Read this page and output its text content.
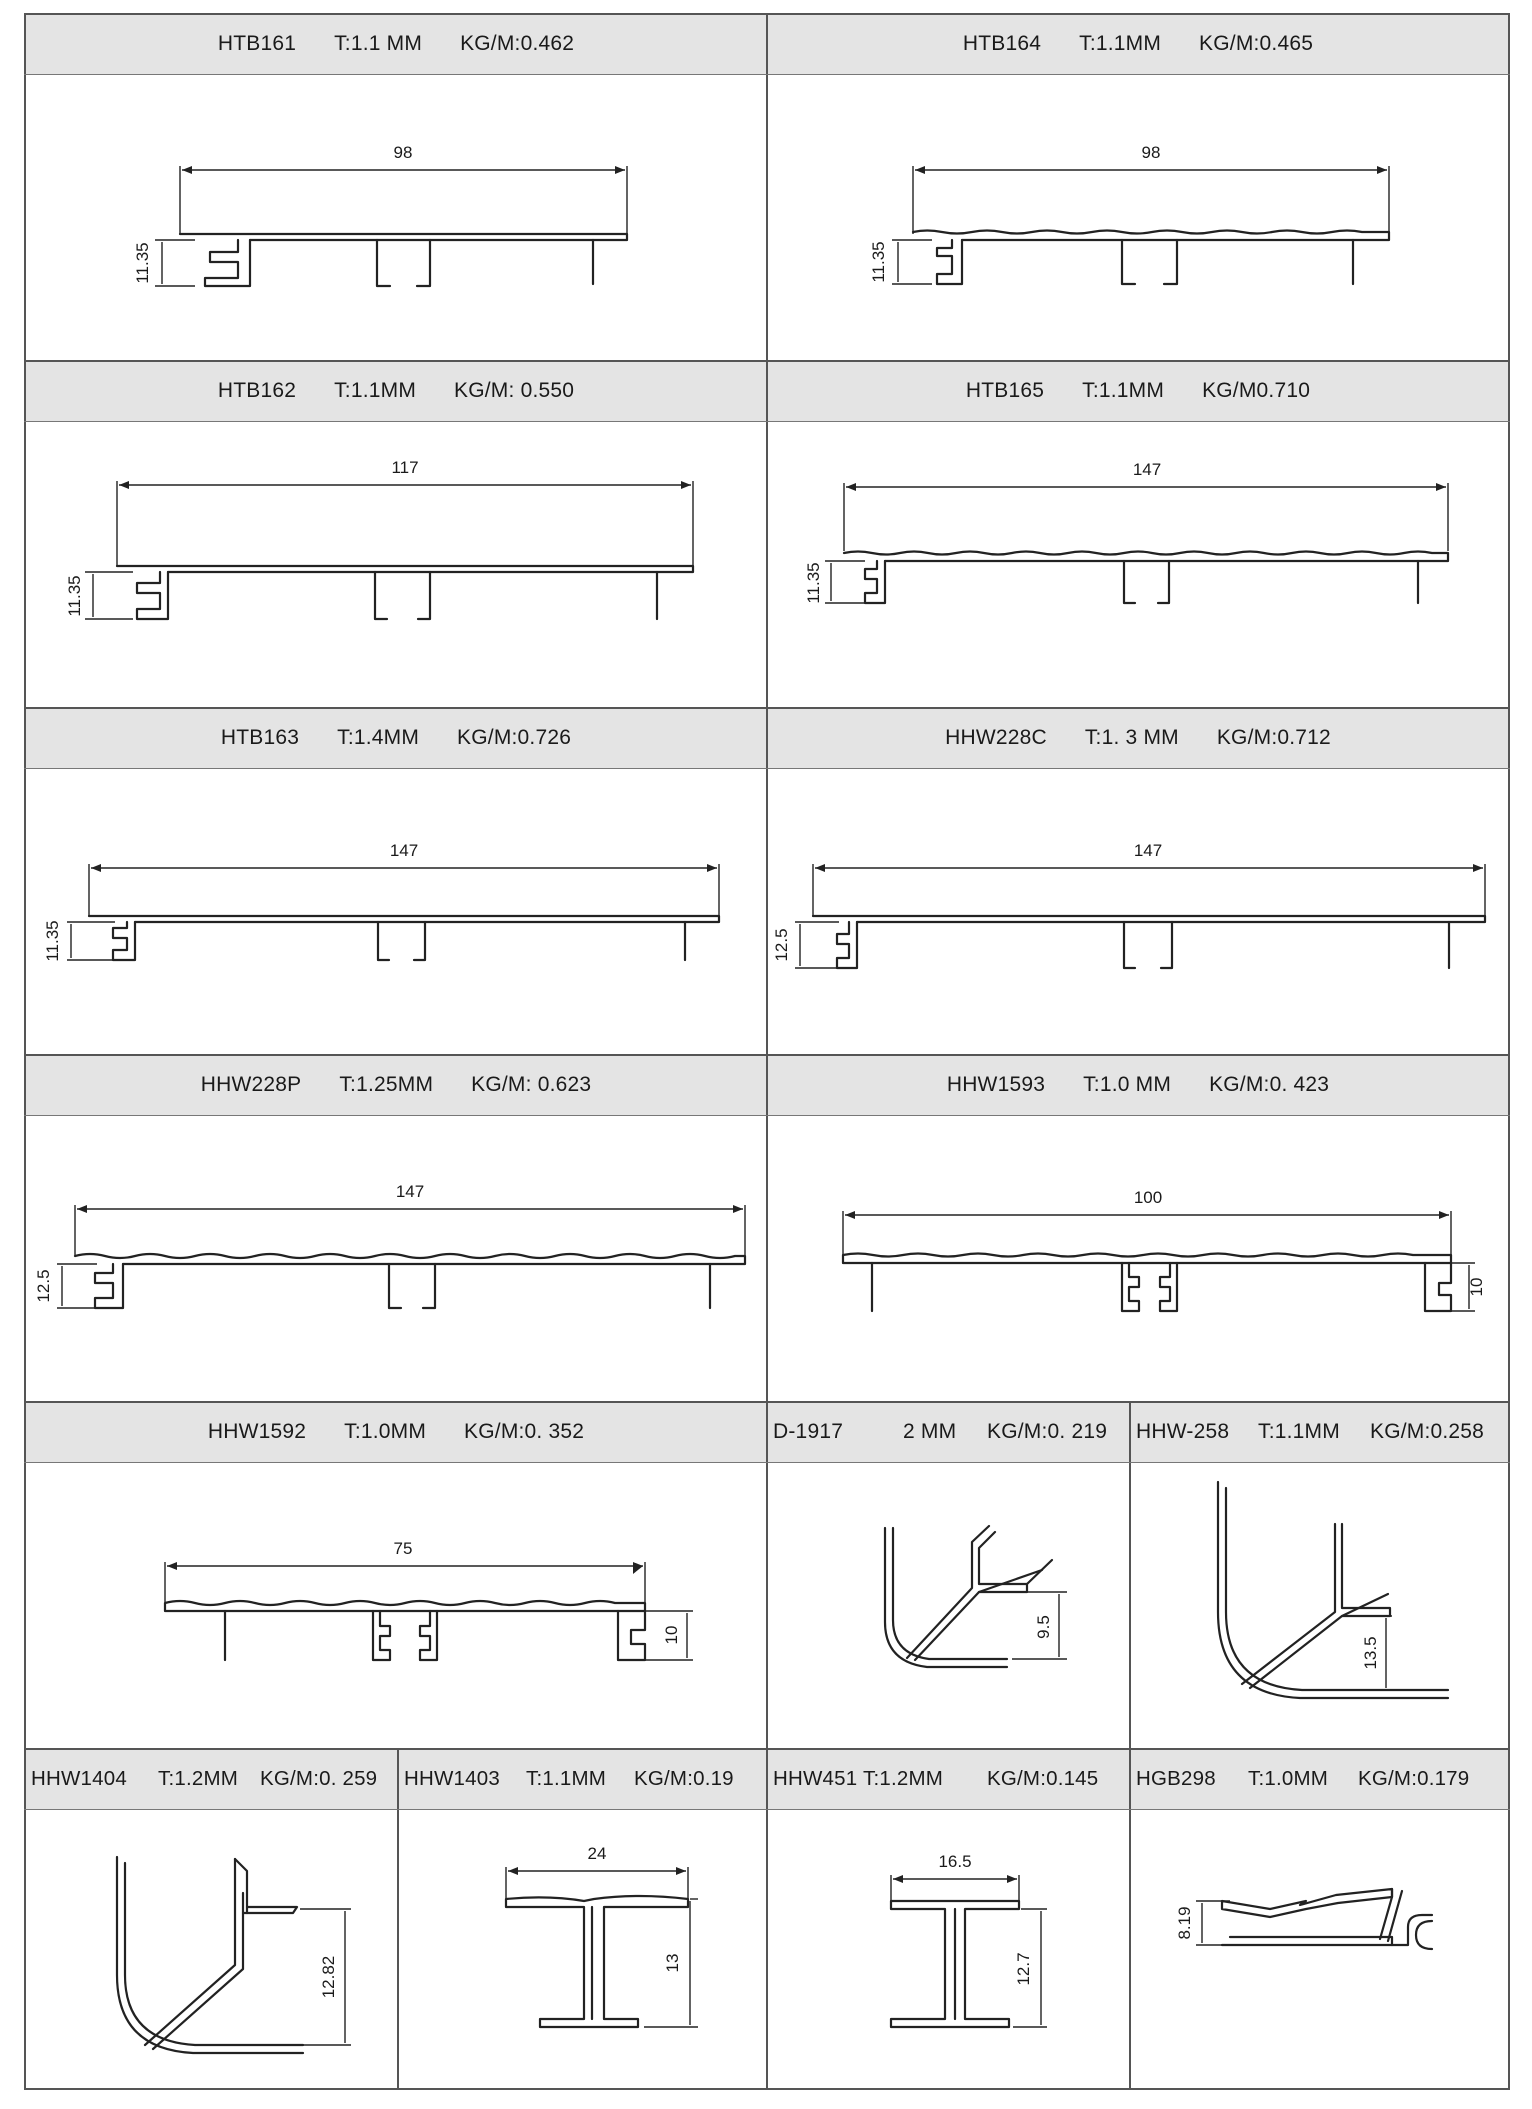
HTB161 T:1.1 MM KG/M:0.462
98
11.35
HTB164 T:1.1MM KG/M:0.465
98
11.35
HTB162 T:1.1MM KG/M: 0.550
117
11.35
HTB165 T:1.1MM KG/M0.710
147
11.35
HTB163 T:1.4MM KG/M:0.726
147
11.35
HHW228C T:1. 3 MM KG/M:0.712
147
12.5
HHW228P T:1.25MM KG/M: 0.623
147
12.5
HHW1593 T:1.0 MM KG/M:0. 423
100
10
HHW1592 T:1.0MM KG/M:0. 352
75
10
D-1917	2 MM	KG/M:0. 219
9.5
HHW-258	T:1.1MM	KG/M:0.258
13.5
HHW1404	T:1.2MM	KG/M:0. 259
12.82
HHW1403	T:1.1MM	KG/M:0.19
24
13
HHW451 T:1.2MM	KG/M:0.145
16.5
12.7
HGB298	T:1.0MM	KG/M:0.179
8.19
